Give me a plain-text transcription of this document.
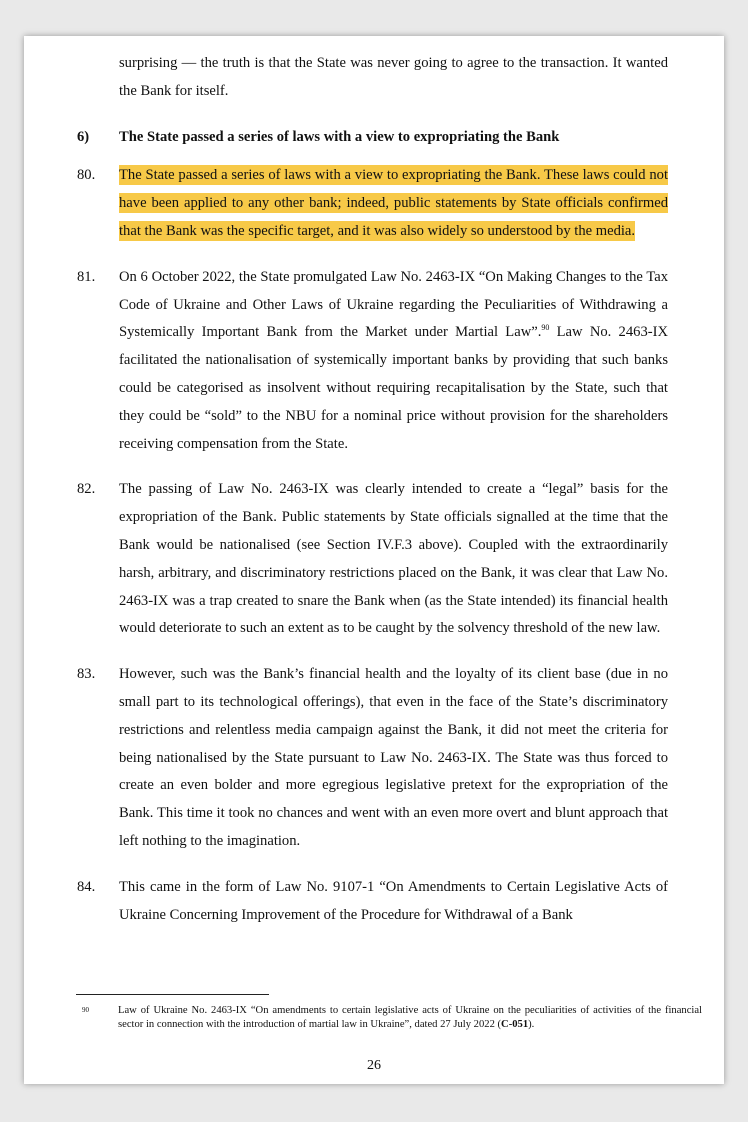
surprising — the truth is that the State was never going to agree to the transaction. It wanted the Bank for itself.

6) The State passed a series of laws with a view to expropriating the Bank

80. The State passed a series of laws with a view to expropriating the Bank. These laws could not have been applied to any other bank; indeed, public statements by State officials confirmed that the Bank was the specific target, and it was also widely so understood by the media.

81. On 6 October 2022, the State promulgated Law No. 2463-IX “On Making Changes to the Tax Code of Ukraine and Other Laws of Ukraine regarding the Peculiarities of Withdrawing a Systemically Important Bank from the Market under Martial Law”.$^{90}$ Law No. 2463-IX facilitated the nationalisation of systemically important banks by providing that such banks could be categorised as insolvent without requiring recapitalisation by the State, such that they could be “sold” to the NBU for a nominal price without provision for the shareholders receiving compensation from the State.

82. The passing of Law No. 2463-IX was clearly intended to create a “legal” basis for the expropriation of the Bank. Public statements by State officials signalled at the time that the Bank would be nationalised (see Section IV.F.3 above). Coupled with the extraordinarily harsh, arbitrary, and discriminatory restrictions placed on the Bank, it was clear that Law No. 2463-IX was a trap created to snare the Bank when (as the State intended) its financial health would deteriorate to such an extent as to be caught by the solvency threshold of the new law.

83. However, such was the Bank’s financial health and the loyalty of its client base (due in no small part to its technological offerings), that even in the face of the State’s discriminatory restrictions and relentless media campaign against the Bank, it did not meet the criteria for being nationalised by the State pursuant to Law No. 2463-IX. The State was thus forced to create an even bolder and more egregious legislative pretext for the expropriation of the Bank. This time it took no chances and went with an even more overt and blunt approach that left nothing to the imagination.

84. This came in the form of Law No. 9107-1 “On Amendments to Certain Legislative Acts of Ukraine Concerning Improvement of the Procedure for Withdrawal of a Bank

90	Law of Ukraine No. 2463-IX “On amendments to certain legislative acts of Ukraine on the peculiarities of activities of the financial sector in connection with the introduction of martial law in Ukraine”, dated 27 July 2022 (C-051).
26
